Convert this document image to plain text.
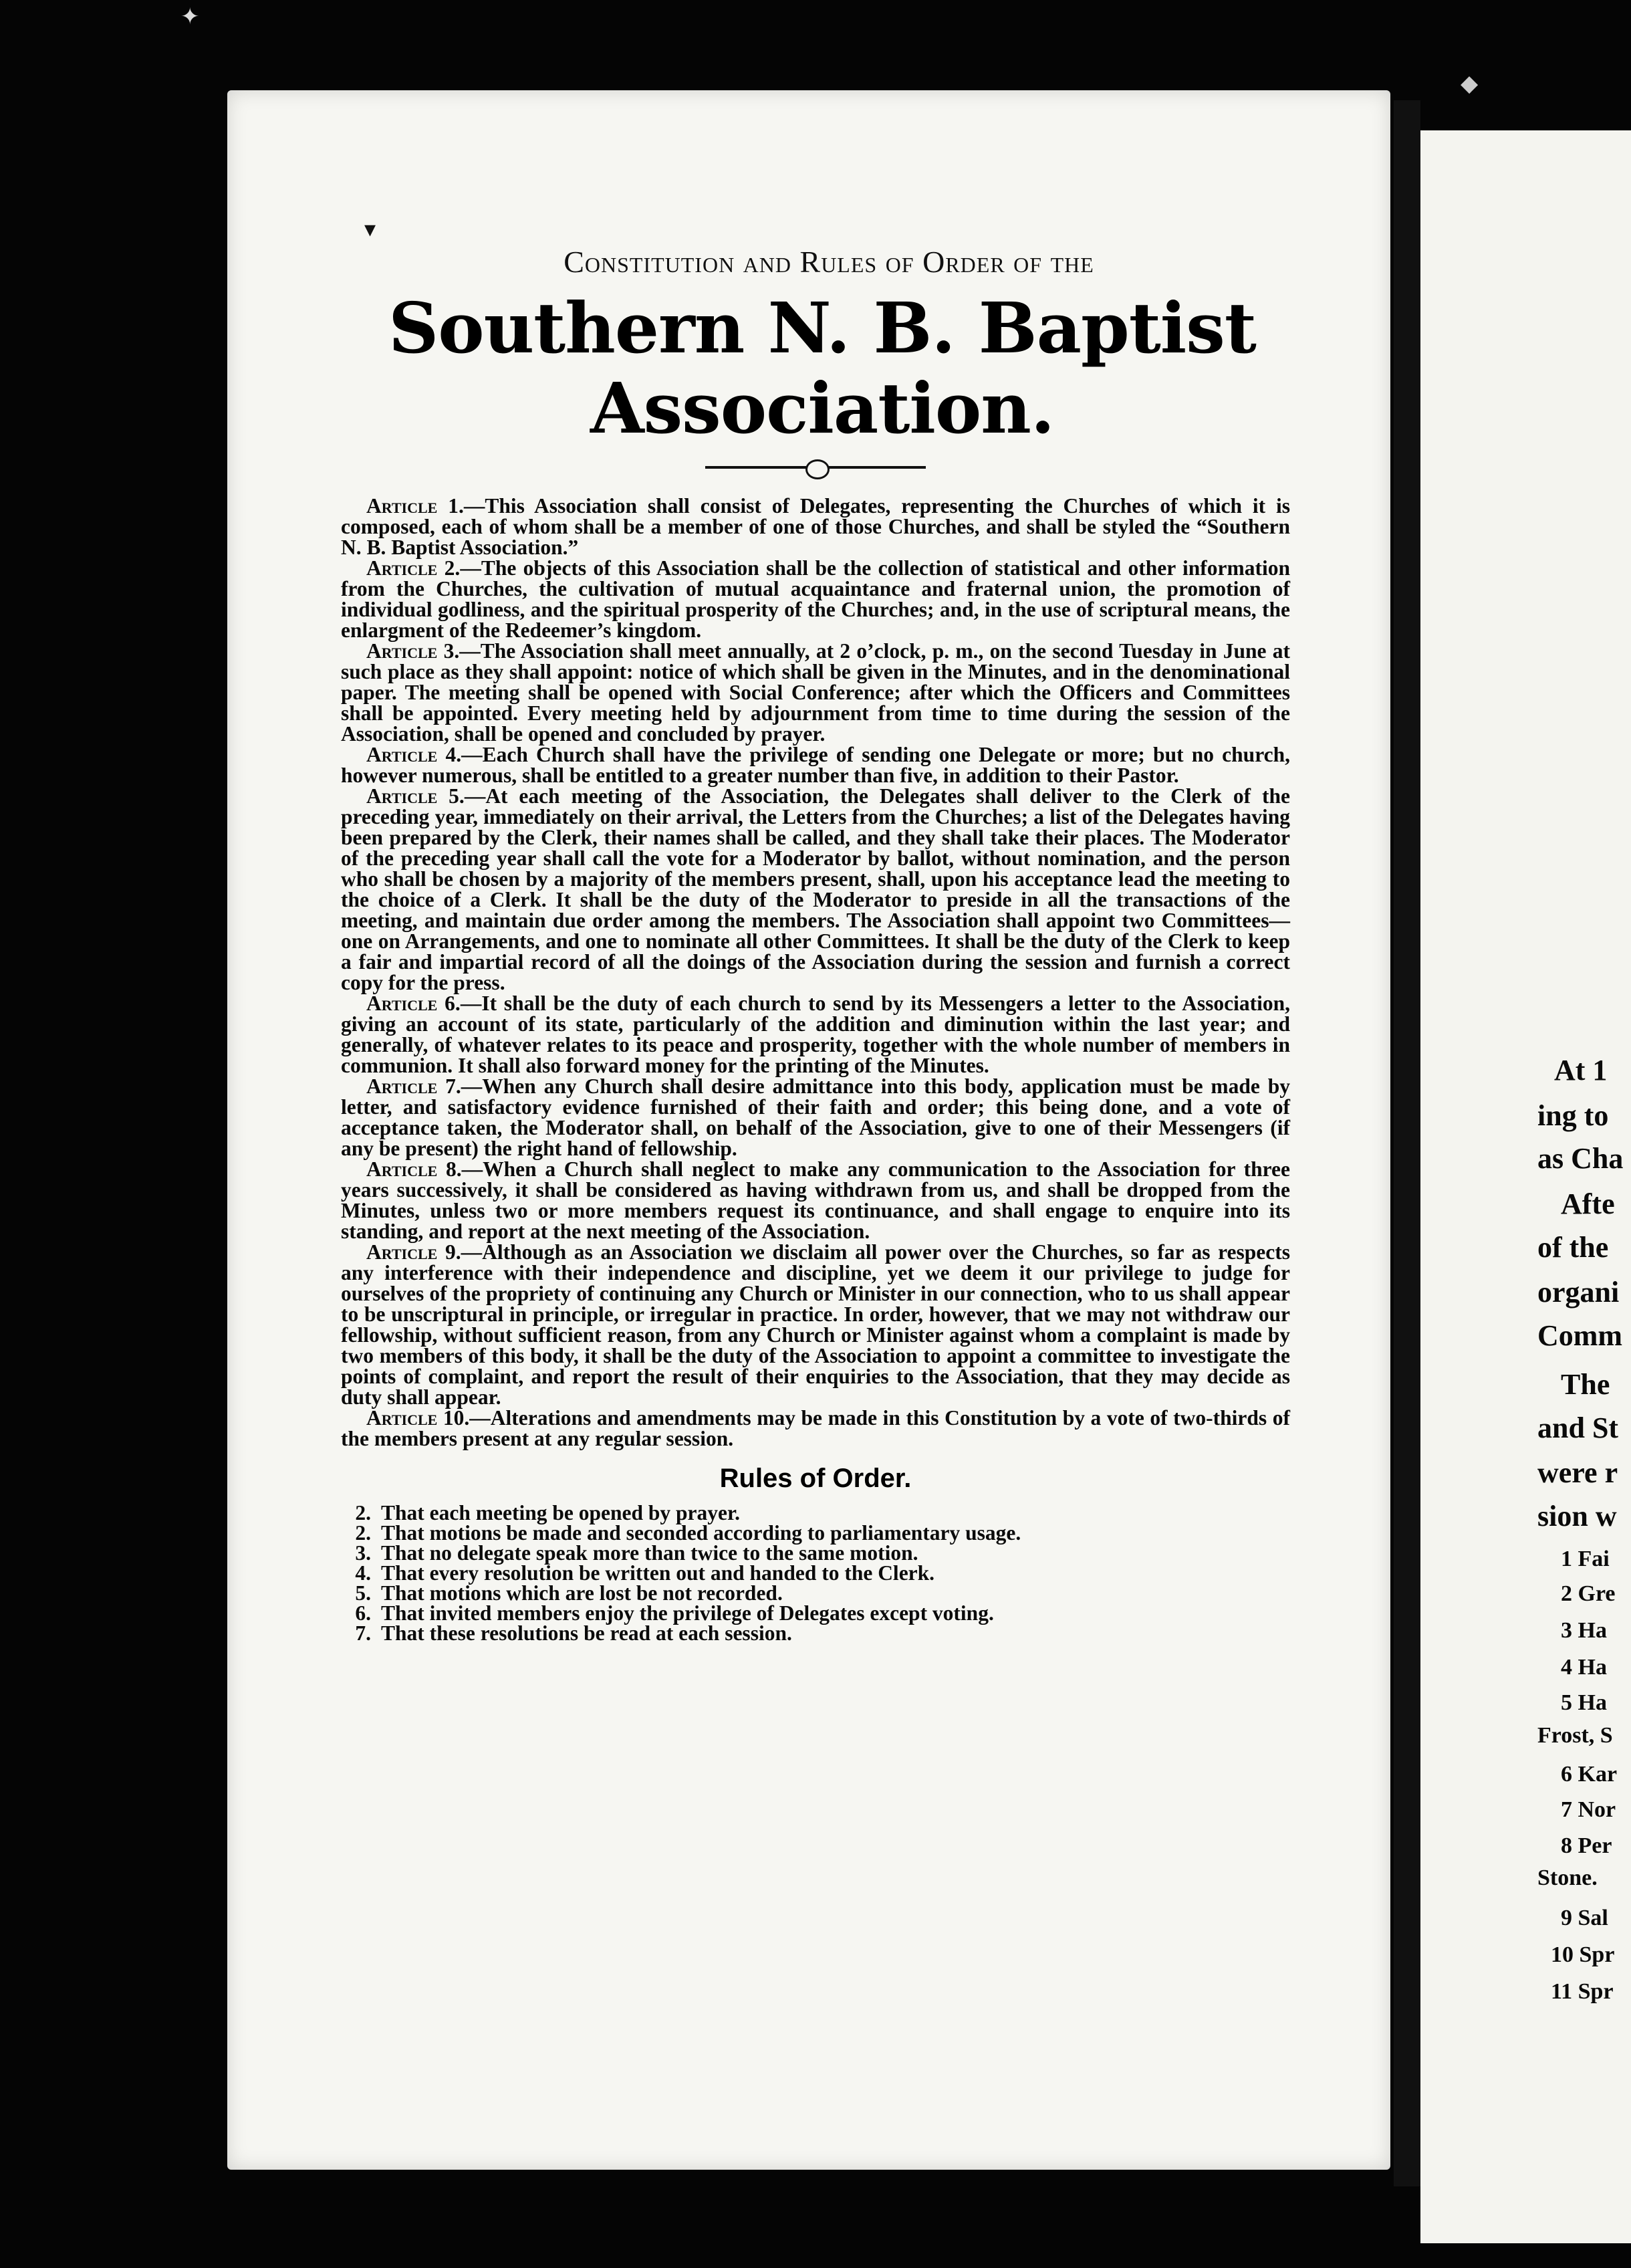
▾
Constitution and Rules of Order of the
Southern N. B. Baptist Association.

Article 1.—This Association shall consist of Delegates, representing the Churches of which it is composed, each of whom shall be a member of one of those Churches, and shall be styled the “Southern N. B. Baptist Association.”

Article 2.—The objects of this Association shall be the collection of statistical and other information from the Churches, the cultivation of mutual acquaintance and fraternal union, the promotion of individual godliness, and the spiritual prosperity of the Churches; and, in the use of scriptural means, the enlargment of the Redeemer’s kingdom.

Article 3.—The Association shall meet annually, at 2 o’clock, p. m., on the second Tuesday in June at such place as they shall appoint: notice of which shall be given in the Minutes, and in the denominational paper. The meeting shall be opened with Social Conference; after which the Officers and Committees shall be appointed. Every meeting held by adjournment from time to time during the session of the Association, shall be opened and concluded by prayer.

Article 4.—Each Church shall have the privilege of sending one Delegate or more; but no church, however numerous, shall be entitled to a greater number than five, in addition to their Pastor.

Article 5.—At each meeting of the Association, the Delegates shall deliver to the Clerk of the preceding year, immediately on their arrival, the Letters from the Churches; a list of the Delegates having been prepared by the Clerk, their names shall be called, and they shall take their places. The Moderator of the preceding year shall call the vote for a Moderator by ballot, without nomination, and the person who shall be chosen by a majority of the members present, shall, upon his acceptance lead the meeting to the choice of a Clerk. It shall be the duty of the Moderator to preside in all the transactions of the meeting, and maintain due order among the members. The Association shall appoint two Committees—one on Arrangements, and one to nominate all other Committees. It shall be the duty of the Clerk to keep a fair and impartial record of all the doings of the Association during the session and furnish a correct copy for the press.

Article 6.—It shall be the duty of each church to send by its Messengers a letter to the Association, giving an account of its state, particularly of the addition and diminution within the last year; and generally, of whatever relates to its peace and prosperity, together with the whole number of members in communion. It shall also forward money for the printing of the Minutes.

Article 7.—When any Church shall desire admittance into this body, application must be made by letter, and satisfactory evidence furnished of their faith and order; this being done, and a vote of acceptance taken, the Moderator shall, on behalf of the Association, give to one of their Messengers (if any be present) the right hand of fellowship.

Article 8.—When a Church shall neglect to make any communication to the Association for three years successively, it shall be considered as having withdrawn from us, and shall be dropped from the Minutes, unless two or more members request its continuance, and shall engage to enquire into its standing, and report at the next meeting of the Association.

Article 9.—Although as an Association we disclaim all power over the Churches, so far as respects any interference with their independence and discipline, yet we deem it our privilege to judge for ourselves of the propriety of continuing any Church or Minister in our connection, who to us shall appear to be unscriptural in principle, or irregular in practice. In order, however, that we may not withdraw our fellowship, without sufficient reason, from any Church or Minister against whom a complaint is made by two members of this body, it shall be the duty of the Association to appoint a committee to investigate the points of complaint, and report the result of their enquiries to the Association, that they may decide as duty shall appear.

Article 10.—Alterations and amendments may be made in this Constitution by a vote of two-thirds of the members present at any regular session.

Rules of Order.
2. That each meeting be opened by prayer.
2. That motions be made and seconded according to parliamentary usage.
3. That no delegate speak more than twice to the same motion.
4. That every resolution be written out and handed to the Clerk.
5. That motions which are lost be not recorded.
6. That invited members enjoy the privilege of Delegates except voting.
7. That these resolutions be read at each session.
At 1
ing to
as Cha
Afte
of the
organi
Comm
The
and St
were r
sion w
1 Fai
2 Gre
3 Ha
4 Ha
5 Ha
Frost, S
6 Kar
7 Nor
8 Per
Stone.
9 Sal
10 Spr
11 Spr
✦
◆
